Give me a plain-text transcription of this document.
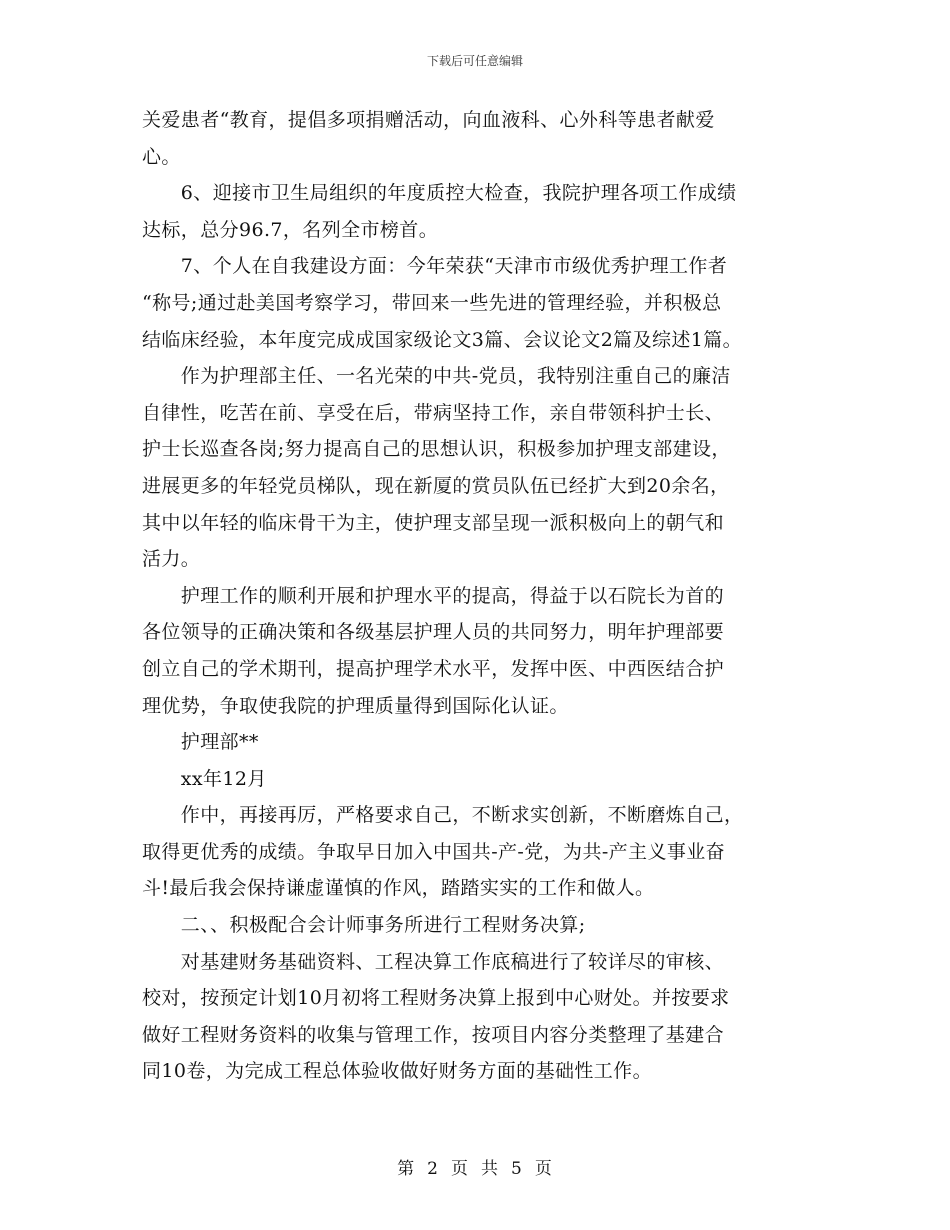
下载后可任意编辑

关爱患者“教育，提倡多项捐赠活动，向血液科、心外科等患者献爱
心。

　　6、迎接市卫生局组织的年度质控大检查，我院护理各项工作成绩
达标，总分96.7，名列全市榜首。

　　7、个人在自我建设方面：今年荣获“天津市市级优秀护理工作者
“称号;通过赴美国考察学习，带回来一些先进的管理经验，并积极总
结临床经验，本年度完成成国家级论文3篇、会议论文2篇及综述1篇。

　　作为护理部主任、一名光荣的中共-党员，我特别注重自己的廉洁
自律性，吃苦在前、享受在后，带病坚持工作，亲自带领科护士长、
护士长巡查各岗;努力提高自己的思想认识，积极参加护理支部建设，
进展更多的年轻党员梯队，现在新厦的赏员队伍已经扩大到20余名，
其中以年轻的临床骨干为主，使护理支部呈现一派积极向上的朝气和
活力。

　　护理工作的顺利开展和护理水平的提高，得益于以石院长为首的
各位领导的正确决策和各级基层护理人员的共同努力，明年护理部要
创立自己的学术期刊，提高护理学术水平，发挥中医、中西医结合护
理优势，争取使我院的护理质量得到国际化认证。

　　护理部**

　　xx年12月

　　作中，再接再厉，严格要求自己，不断求实创新，不断磨炼自己，
取得更优秀的成绩。争取早日加入中国共-产-党，为共-产主义事业奋
斗!最后我会保持谦虚谨慎的作风，踏踏实实的工作和做人。

　　二、、积极配合会计师事务所进行工程财务决算;

　　对基建财务基础资料、工程决算工作底稿进行了较详尽的审核、
校对，按预定计划10月初将工程财务决算上报到中心财处。并按要求
做好工程财务资料的收集与管理工作，按项目内容分类整理了基建合
同10卷，为完成工程总体验收做好财务方面的基础性工作。

第 2 页 共 5 页
